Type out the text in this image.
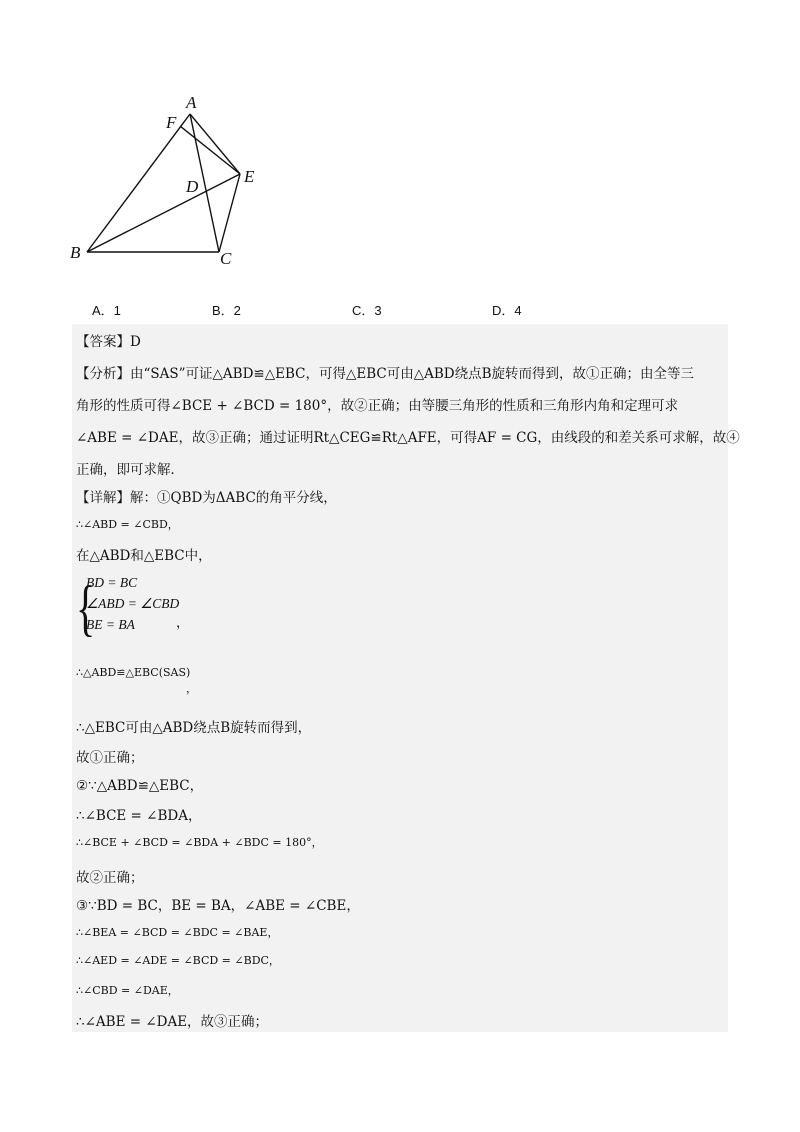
A
F
E
D
B	C
A．1	B．2	C．3	D．4
【答案】D
【分析】由“SAS”可证△ABD≌△EBC，可得△EBC可由△ABD绕点B旋转而得到，故①正确；由全等三
角形的性质可得∠BCE + ∠BCD = 180°，故②正确；由等腰三角形的性质和三角形内角和定理可求
∠ABE = ∠DAE，故③正确；通过证明Rt△CEG≌Rt△AFE，可得AF = CG，由线段的和差关系可求解，故④
正确，即可求解．
【详解】解：①QBD为ΔABC的角平分线，
∴∠ABD = ∠CBD，
在△ABD和△EBC中，
{
BD = BC
∠ABD = ∠CBD
BE = BA	，
∴△ABD≌△EBC(SAS)
，
∴△EBC可由△ABD绕点B旋转而得到，
故①正确；
②∵△ABD≌△EBC，
∴∠BCE = ∠BDA，
∴∠BCE + ∠BCD = ∠BDA + ∠BDC = 180°，
故②正确；
③∵BD = BC，BE = BA，∠ABE = ∠CBE，
∴∠BEA = ∠BCD = ∠BDC = ∠BAE，
∴∠AED = ∠ADE = ∠BCD = ∠BDC，
∴∠CBD = ∠DAE，
∴∠ABE = ∠DAE，故③正确；
